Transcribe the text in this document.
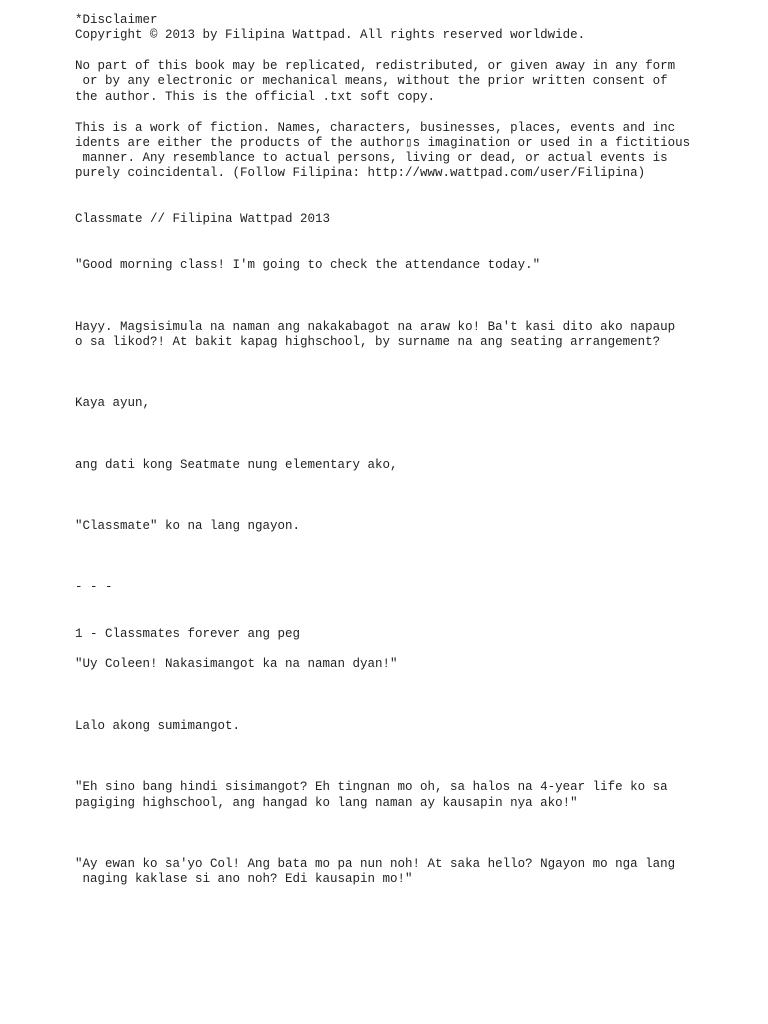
*Disclaimer

Copyright © 2013 by Filipina Wattpad. All rights reserved worldwide.

No part of this book may be replicated, redistributed, or given away in any form

or by any electronic or mechanical means, without the prior written consent of

the author. This is the official .txt soft copy.

This is a work of fiction. Names, characters, businesses, places, events and inc

idents are either the products of the author▯s imagination or used in a fictitious

manner. Any resemblance to actual persons, living or dead, or actual events is

purely coincidental. (Follow Filipina: http://www.wattpad.com/user/Filipina)

Classmate // Filipina Wattpad 2013

"Good morning class! I'm going to check the attendance today."

Hayy. Magsisimula na naman ang nakakabagot na araw ko! Ba't kasi dito ako napaup

o sa likod?! At bakit kapag highschool, by surname na ang seating arrangement?

Kaya ayun,

ang dati kong Seatmate nung elementary ako,

"Classmate" ko na lang ngayon.

- - -

1 - Classmates forever ang peg

"Uy Coleen! Nakasimangot ka na naman dyan!"

Lalo akong sumimangot.

"Eh sino bang hindi sisimangot? Eh tingnan mo oh, sa halos na 4-year life ko sa

pagiging highschool, ang hangad ko lang naman ay kausapin nya ako!"

"Ay ewan ko sa'yo Col! Ang bata mo pa nun noh! At saka hello? Ngayon mo nga lang

naging kaklase si ano noh? Edi kausapin mo!"
